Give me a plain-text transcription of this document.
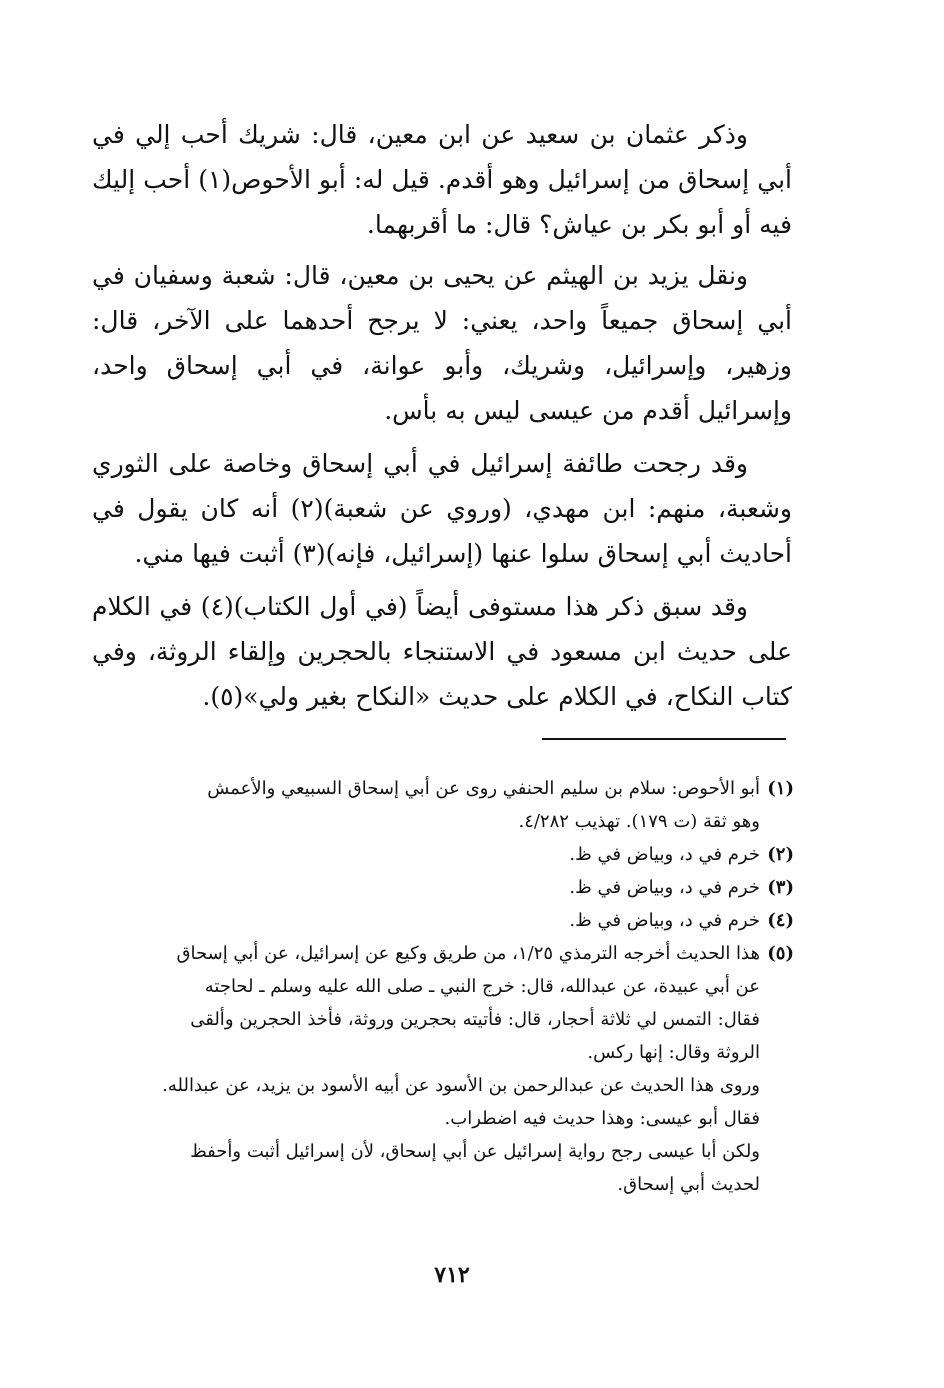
وذكر عثمان بن سعيد عن ابن معين، قال: شريك أحب إلي في أبي إسحاق من إسرائيل وهو أقدم. قيل له: أبو الأحوص(١) أحب إليك فيه أو أبو بكر بن عياش؟ قال: ما أقربهما.

ونقل يزيد بن الهيثم عن يحيى بن معين، قال: شعبة وسفيان في أبي إسحاق جميعاً واحد، يعني: لا يرجح أحدهما على الآخر، قال: وزهير، وإسرائيل، وشريك، وأبو عوانة، في أبي إسحاق واحد، وإسرائيل أقدم من عيسى ليس به بأس.

وقد رجحت طائفة إسرائيل في أبي إسحاق وخاصة على الثوري وشعبة، منهم: ابن مهدي، (وروي عن شعبة)(٢) أنه كان يقول في أحاديث أبي إسحاق سلوا عنها (إسرائيل، فإنه)(٣) أثبت فيها مني.

وقد سبق ذكر هذا مستوفى أيضاً (في أول الكتاب)(٤) في الكلام على حديث ابن مسعود في الاستنجاء بالحجرين وإلقاء الروثة، وفي كتاب النكاح، في الكلام على حديث «النكاح بغير ولي»(٥).

(١)
أبو الأحوص: سلام بن سليم الحنفي روى عن أبي إسحاق السبيعي والأعمش
وهو ثقة (ت ١٧٩). تهذيب ٤/٢٨٢.
(٢)
خرم في د، وبياض في ظ.
(٣)
خرم في د، وبياض في ظ.
(٤)
خرم في د، وبياض في ظ.
(٥)
هذا الحديث أخرجه الترمذي ١/٢٥، من طريق وكيع عن إسرائيل، عن أبي إسحاق
عن أبي عبيدة، عن عبدالله، قال: خرج النبي ـ صلى الله عليه وسلم ـ لحاجته
فقال: التمس لي ثلاثة أحجار، قال: فأتيته بحجرين وروثة، فأخذ الحجرين وألقى
الروثة وقال: إنها ركس.
وروى هذا الحديث عن عبدالرحمن بن الأسود عن أبيه الأسود بن يزيد، عن عبدالله.
فقال أبو عيسى: وهذا حديث فيه اضطراب.
ولكن أبا عيسى رجح رواية إسرائيل عن أبي إسحاق، لأن إسرائيل أثبت وأحفظ
لحديث أبي إسحاق.
٧١٢
